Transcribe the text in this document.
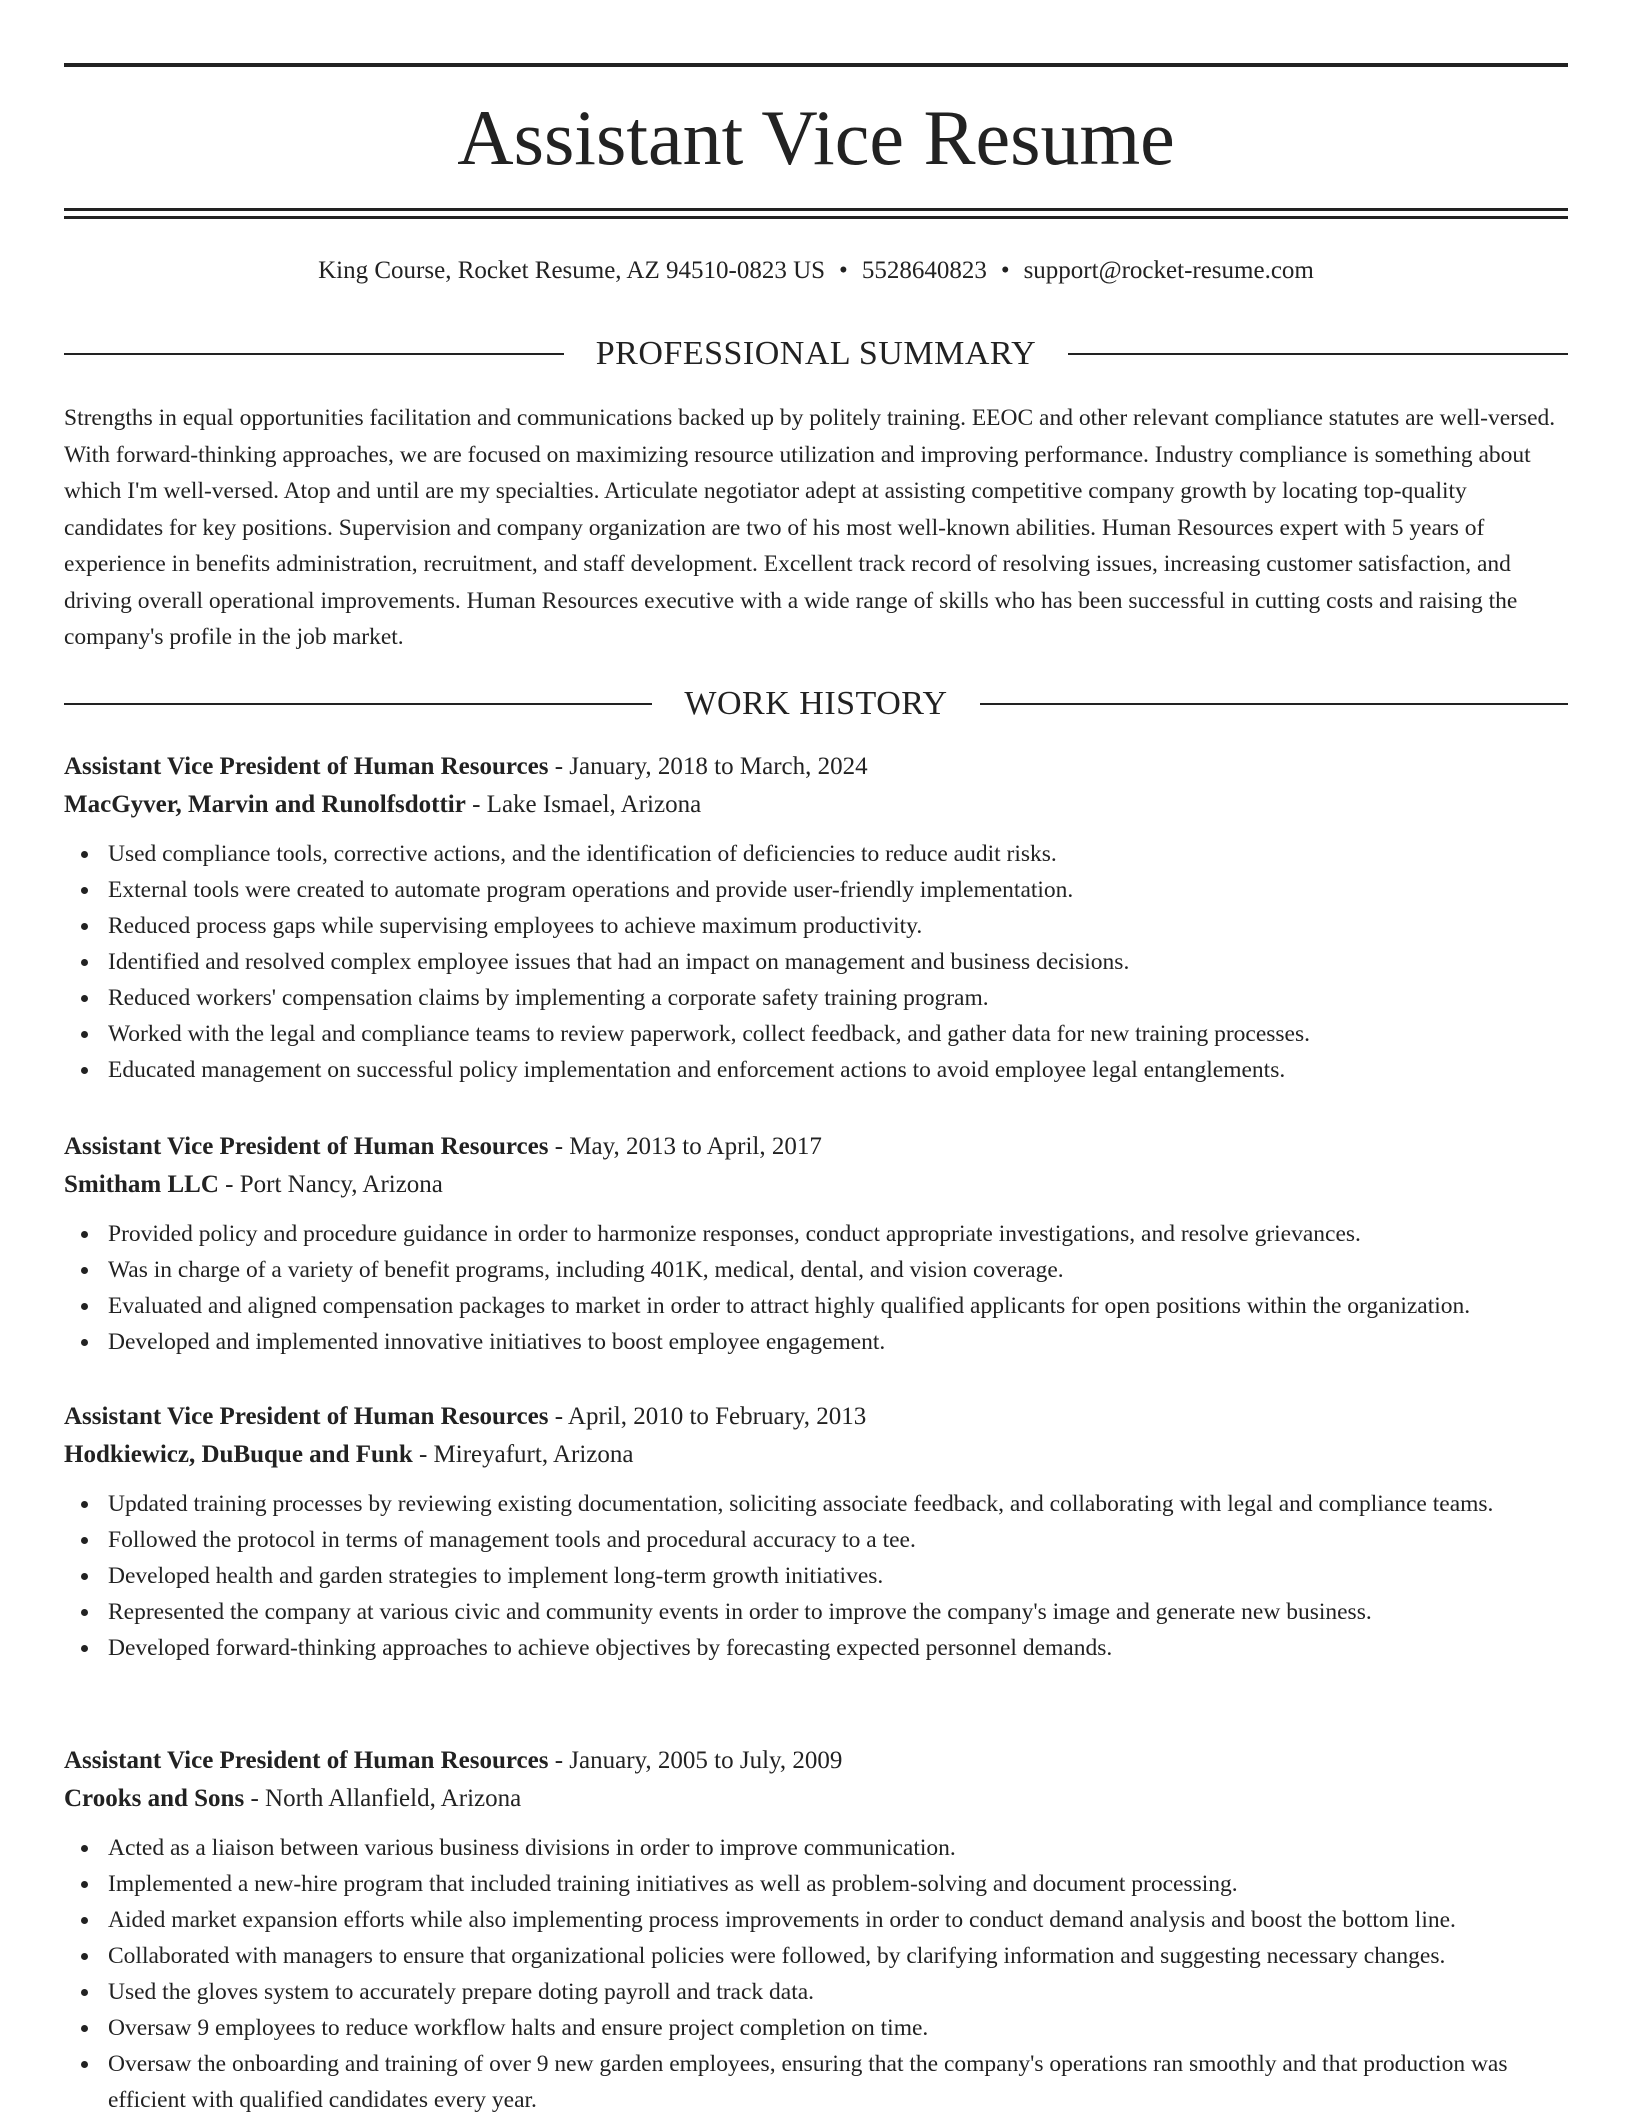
Assistant Vice Resume
King Course, Rocket Resume, AZ 94510-0823 US • 5528640823 • support@rocket-resume.com
PROFESSIONAL SUMMARY

Strengths in equal opportunities facilitation and communications backed up by politely training. EEOC and other relevant compliance statutes are well-versed. With forward-thinking approaches, we are focused on maximizing resource utilization and improving performance. Industry compliance is something about which I'm well-versed. Atop and until are my specialties. Articulate negotiator adept at assisting competitive company growth by locating top-quality candidates for key positions. Supervision and company organization are two of his most well-known abilities. Human Resources expert with 5 years of experience in benefits administration, recruitment, and staff development. Excellent track record of resolving issues, increasing customer satisfaction, and driving overall operational improvements. Human Resources executive with a wide range of skills who has been successful in cutting costs and raising the company's profile in the job market.

WORK HISTORY
Assistant Vice President of Human Resources - January, 2018 to March, 2024
MacGyver, Marvin and Runolfsdottir - Lake Ismael, Arizona
Used compliance tools, corrective actions, and the identification of deficiencies to reduce audit risks.
External tools were created to automate program operations and provide user-friendly implementation.
Reduced process gaps while supervising employees to achieve maximum productivity.
Identified and resolved complex employee issues that had an impact on management and business decisions.
Reduced workers' compensation claims by implementing a corporate safety training program.
Worked with the legal and compliance teams to review paperwork, collect feedback, and gather data for new training processes.
Educated management on successful policy implementation and enforcement actions to avoid employee legal entanglements.
Assistant Vice President of Human Resources - May, 2013 to April, 2017
Smitham LLC - Port Nancy, Arizona
Provided policy and procedure guidance in order to harmonize responses, conduct appropriate investigations, and resolve grievances.
Was in charge of a variety of benefit programs, including 401K, medical, dental, and vision coverage.
Evaluated and aligned compensation packages to market in order to attract highly qualified applicants for open positions within the organization.
Developed and implemented innovative initiatives to boost employee engagement.
Assistant Vice President of Human Resources - April, 2010 to February, 2013
Hodkiewicz, DuBuque and Funk - Mireyafurt, Arizona
Updated training processes by reviewing existing documentation, soliciting associate feedback, and collaborating with legal and compliance teams.
Followed the protocol in terms of management tools and procedural accuracy to a tee.
Developed health and garden strategies to implement long-term growth initiatives.
Represented the company at various civic and community events in order to improve the company's image and generate new business.
Developed forward-thinking approaches to achieve objectives by forecasting expected personnel demands.
Assistant Vice President of Human Resources - January, 2005 to July, 2009
Crooks and Sons - North Allanfield, Arizona
Acted as a liaison between various business divisions in order to improve communication.
Implemented a new-hire program that included training initiatives as well as problem-solving and document processing.
Aided market expansion efforts while also implementing process improvements in order to conduct demand analysis and boost the bottom line.
Collaborated with managers to ensure that organizational policies were followed, by clarifying information and suggesting necessary changes.
Used the gloves system to accurately prepare doting payroll and track data.
Oversaw 9 employees to reduce workflow halts and ensure project completion on time.
Oversaw the onboarding and training of over 9 new garden employees, ensuring that the company's operations ran smoothly and that production was efficient with qualified candidates every year.
